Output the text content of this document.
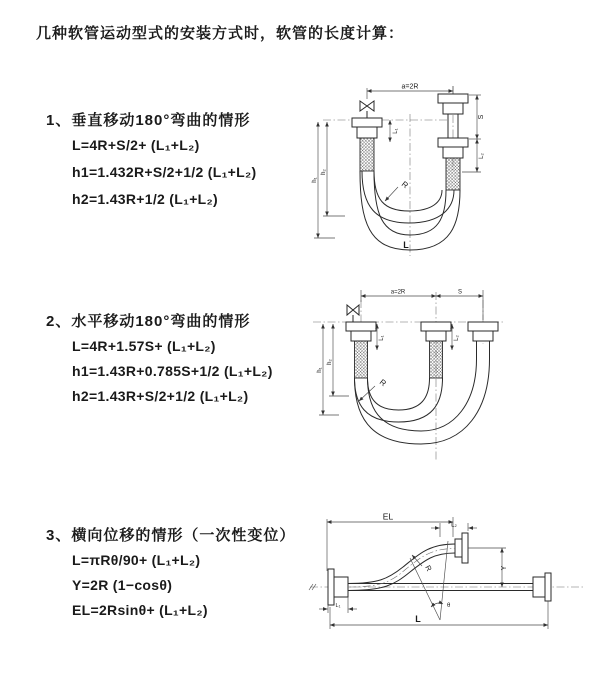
几种软管运动型式的安装方式时，软管的长度计算：
1、垂直移动180°弯曲的情形
L=4R+S/2+ (L₁+L₂)
h1=1.432R+S/2+1/2 (L₁+L₂)
h2=1.43R+1/2 (L₁+L₂)
a=2R
L₁
S
L₂
h₁
h₂
R
L
2、水平移动180°弯曲的情形
L=4R+1.57S+ (L₁+L₂)
h1=1.43R+0.785S+1/2 (L₁+L₂)
h2=1.43R+S/2+1/2 (L₁+L₂)
a=2R	S
L₁	L₂
h₁
h₂
R
3、横向位移的情形（一次性变位）
L=πRθ/90+ (L₁+L₂)
Y=2R (1−cosθ)
EL=2Rsinθ+ (L₁+L₂)
EL
L₂
Y
θ
R
L₁
L
